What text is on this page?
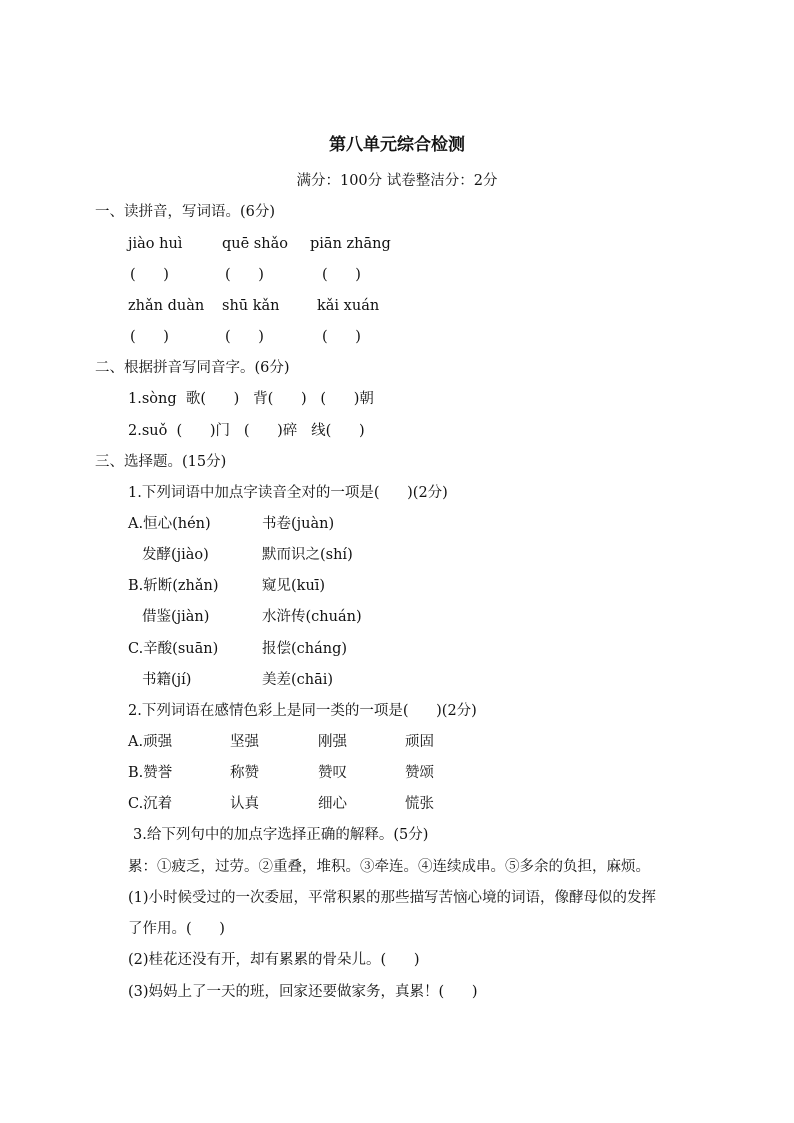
第八单元综合检测
满分：100分 试卷整洁分：2分
一、读拼音，写词语。(6分)
jiào huì	quē shǎo piān zhāng
(      )	(      )	(      )
zhǎn duàn shū kǎn	kǎi xuán
(      )	(      )	(      )
二、根据拼音写同音字。(6分)
1.sòng  歌(      )   背(      )   (      )朝
2.suǒ  (      )门   (      )碎   线(      )
三、选择题。(15分)
1.下列词语中加点字读音全对的一项是(      )(2分)
A.恒心(hén)	书卷(juàn)
发酵(jiào)	默而识之(shí)
B.斩断(zhǎn)	窥见(kuī)
借鉴(jiàn)	水浒传(chuán)
C.辛酸(suān)	报偿(cháng)
书籍(jí)	美差(chāi)
2.下列词语在感情色彩上是同一类的一项是(      )(2分)
A.顽强	坚强	刚强	顽固
B.赞誉	称赞	赞叹	赞颂
C.沉着	认真	细心	慌张
3.给下列句中的加点字选择正确的解释。(5分)
累：①疲乏，过劳。②重叠，堆积。③牵连。④连续成串。⑤多余的负担，麻烦。
(1)小时候受过的一次委屈，平常积累的那些描写苦恼心境的词语，像酵母似的发挥
了作用。(      )
(2)桂花还没有开，却有累累的骨朵儿。(      )
(3)妈妈上了一天的班，回家还要做家务，真累！(      )
